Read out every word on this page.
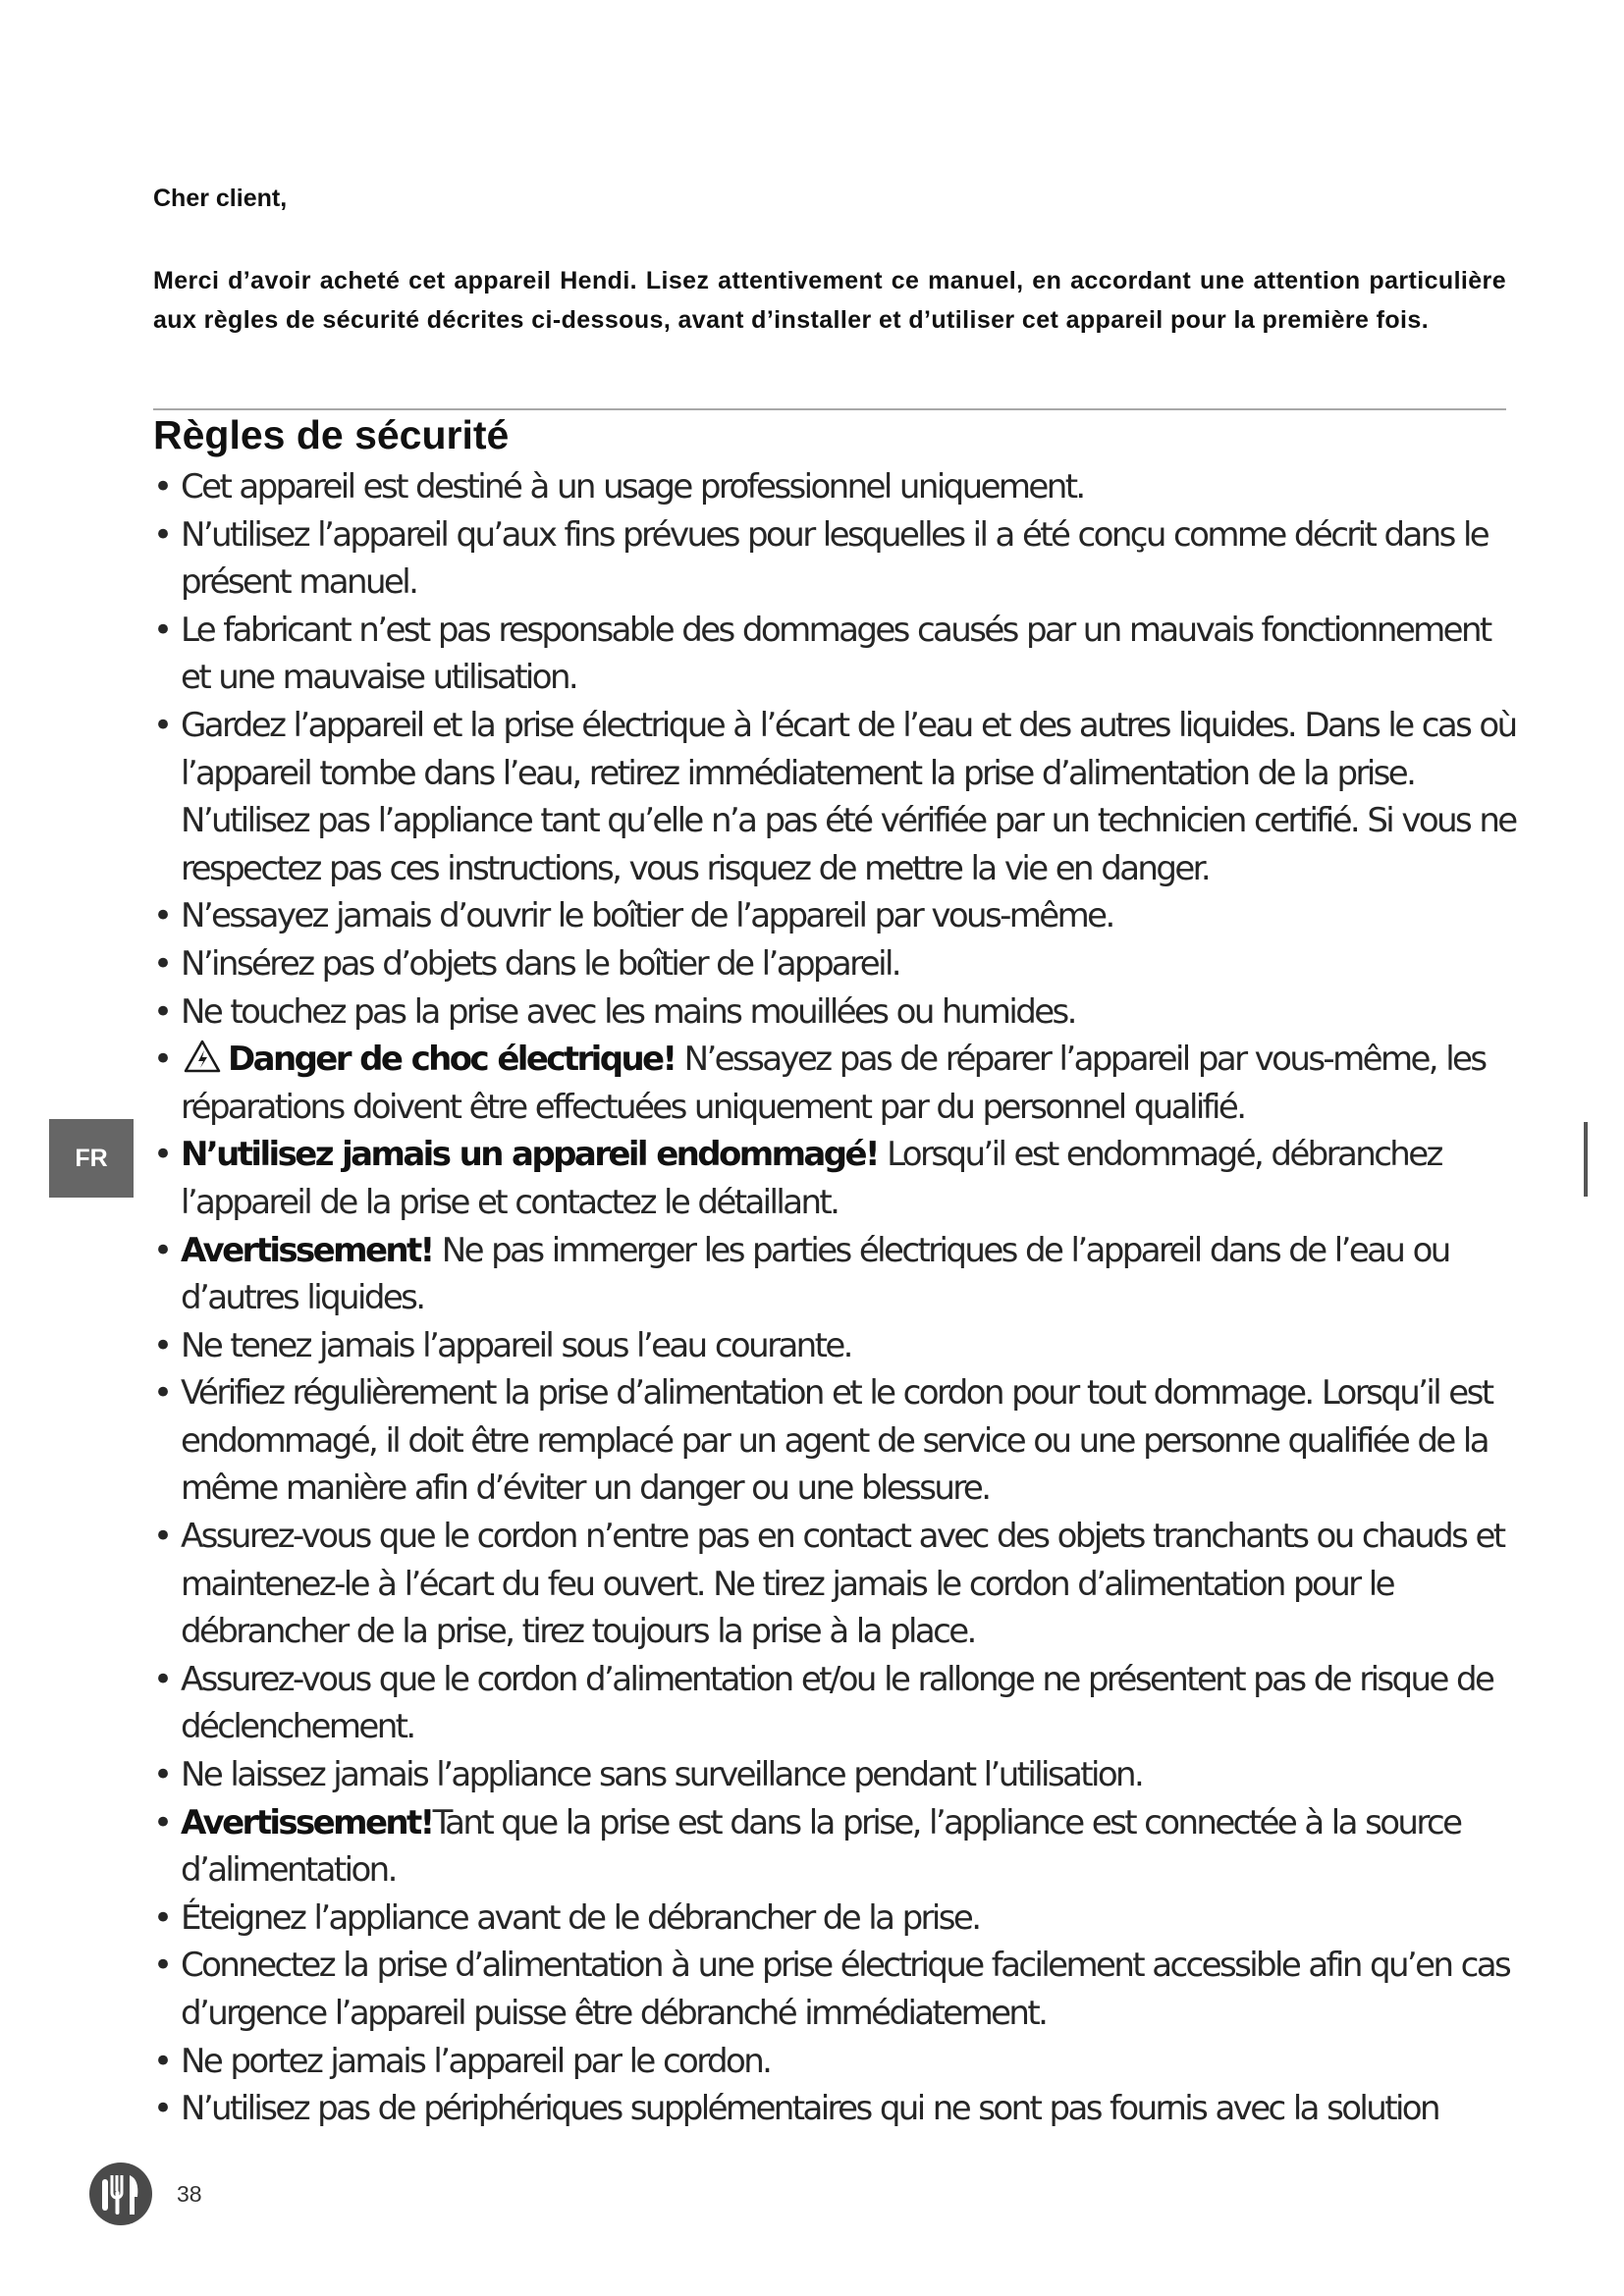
Cher client,
Merci d’avoir acheté cet appareil Hendi. Lisez attentivement ce manuel, en accordant une attention particulière aux règles de sécurité décrites ci-dessous, avant d’installer et d’utiliser cet appareil pour la première fois.
Règles de sécurité
• Cet appareil est destiné à un usage professionnel uniquement.
• N’utilisez l’appareil qu’aux fins prévues pour lesquelles il a été conçu comme décrit dans le présent manuel.
• Le fabricant n’est pas responsable des dommages causés par un mauvais fonctionnement et une mauvaise utilisation.
• Gardez l’appareil et la prise électrique à l’écart de l’eau et des autres liquides. Dans le cas où l’appareil tombe dans l’eau, retirez immédiatement la prise d’alimentation de la prise. N’utilisez pas l’appliance tant qu’elle n’a pas été vérifiée par un technicien certifié. Si vous ne respectez pas ces instructions, vous risquez de mettre la vie en danger.
• N’essayez jamais d’ouvrir le boîtier de l’appareil par vous-même.
• N’insérez pas d’objets dans le boîtier de l’appareil.
• Ne touchez pas la prise avec les mains mouillées ou humides.
• Danger de choc électrique! N’essayez pas de réparer l’appareil par vous-même, les réparations doivent être effectuées uniquement par du personnel qualifié.
• N’utilisez jamais un appareil endommagé! Lorsqu’il est endommagé, débranchez l’appareil de la prise et contactez le détaillant.
• Avertissement! Ne pas immerger les parties électriques de l’appareil dans de l’eau ou d’autres liquides.
• Ne tenez jamais l’appareil sous l’eau courante.
• Vérifiez régulièrement la prise d’alimentation et le cordon pour tout dommage. Lorsqu’il est endommagé, il doit être remplacé par un agent de service ou une personne qualifiée de la même manière afin d’éviter un danger ou une blessure.
• Assurez-vous que le cordon n’entre pas en contact avec des objets tranchants ou chauds et maintenez-le à l’écart du feu ouvert. Ne tirez jamais le cordon d’alimentation pour le débrancher de la prise, tirez toujours la prise à la place.
• Assurez-vous que le cordon d’alimentation et/ou le rallonge ne présentent pas de risque de déclenchement.
• Ne laissez jamais l’appliance sans surveillance pendant l’utilisation.
• Avertissement!Tant que la prise est dans la prise, l’appliance est connectée à la source d’alimentation.
• Éteignez l’appliance avant de le débrancher de la prise.
• Connectez la prise d’alimentation à une prise électrique facilement accessible afin qu’en cas d’urgence l’appareil puisse être débranché immédiatement.
• Ne portez jamais l’appareil par le cordon.
• N’utilisez pas de périphériques supplémentaires qui ne sont pas fournis avec la solution
FR
38
